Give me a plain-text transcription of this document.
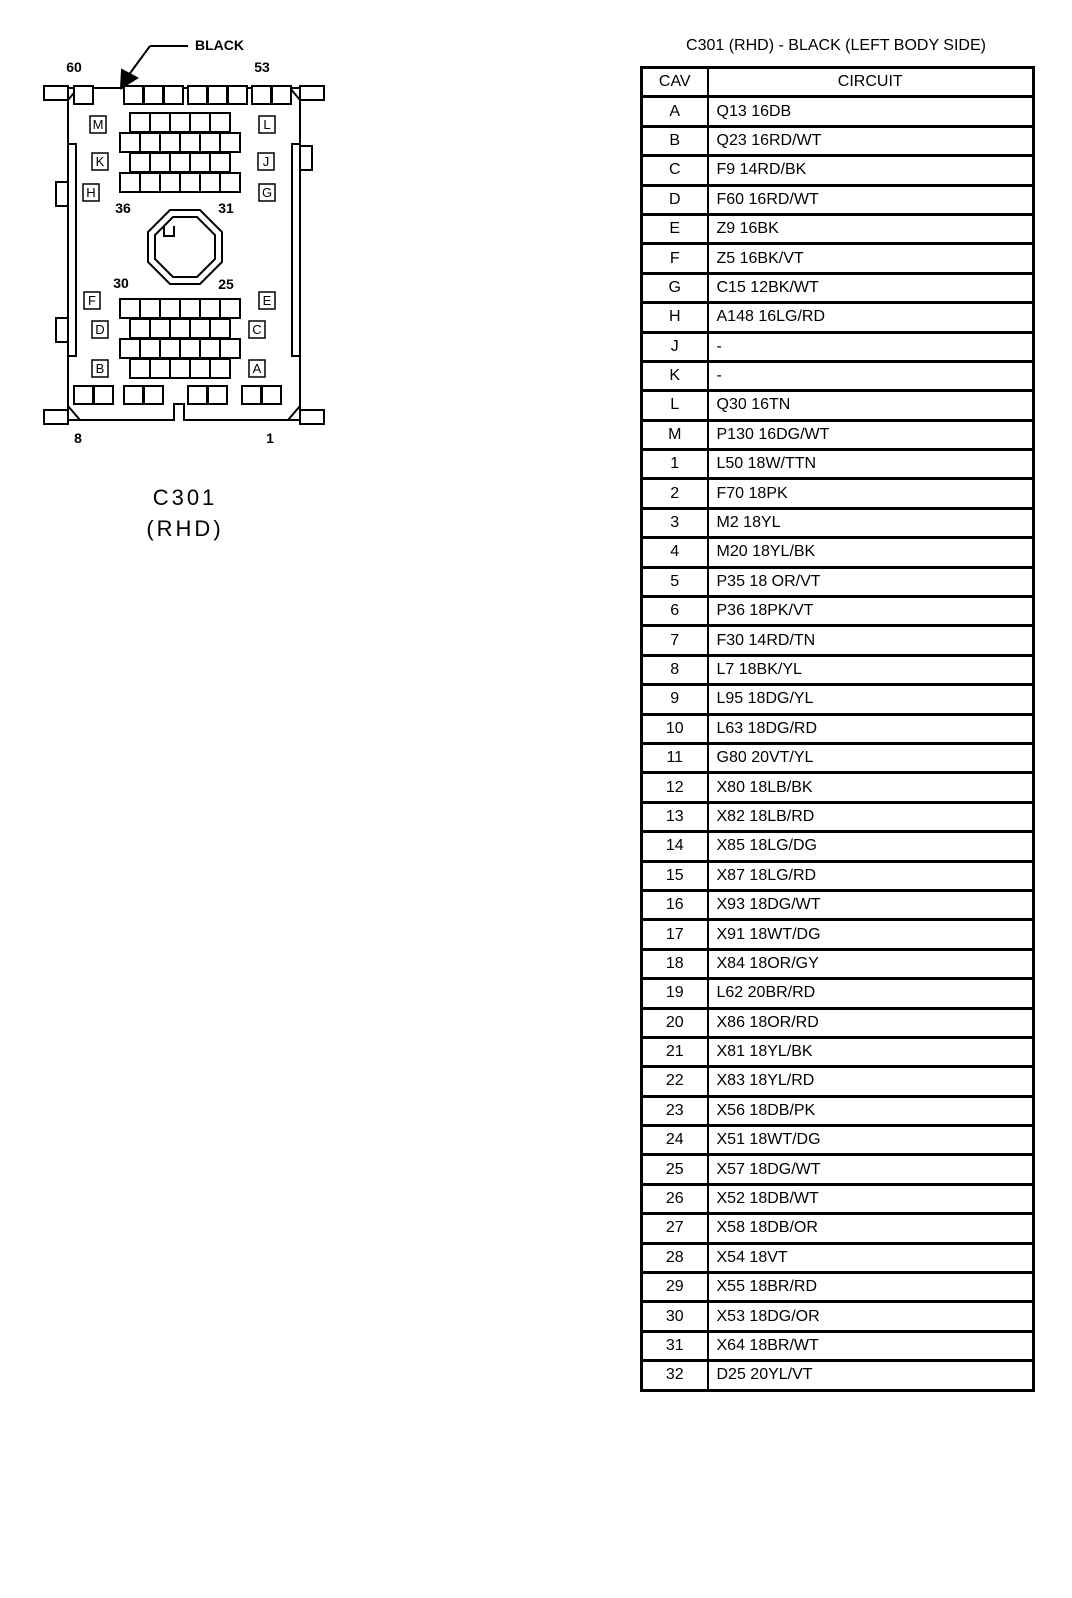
M	L
K	J
H	G
F	E
D	C
B	A
60	53
36	31
30	25
8	1
BLACK
C301
(RHD)
C301 (RHD) - BLACK (LEFT BODY SIDE)
CAV	CIRCUIT
A	Q13 16DB
B	Q23 16RD/WT
C	F9 14RD/BK
D	F60 16RD/WT
E	Z9 16BK
F	Z5 16BK/VT
G	C15 12BK/WT
H	A148 16LG/RD
J	-
K	-
L	Q30 16TN
M	P130 16DG/WT
1	L50 18W/TTN
2	F70 18PK
3	M2 18YL
4	M20 18YL/BK
5	P35 18 OR/VT
6	P36 18PK/VT
7	F30 14RD/TN
8	L7 18BK/YL
9	L95 18DG/YL
10	L63 18DG/RD
11	G80 20VT/YL
12	X80 18LB/BK
13	X82 18LB/RD
14	X85 18LG/DG
15	X87 18LG/RD
16	X93 18DG/WT
17	X91 18WT/DG
18	X84 18OR/GY
19	L62 20BR/RD
20	X86 18OR/RD
21	X81 18YL/BK
22	X83 18YL/RD
23	X56 18DB/PK
24	X51 18WT/DG
25	X57 18DG/WT
26	X52 18DB/WT
27	X58 18DB/OR
28	X54 18VT
29	X55 18BR/RD
30	X53 18DG/OR
31	X64 18BR/WT
32	D25 20YL/VT
